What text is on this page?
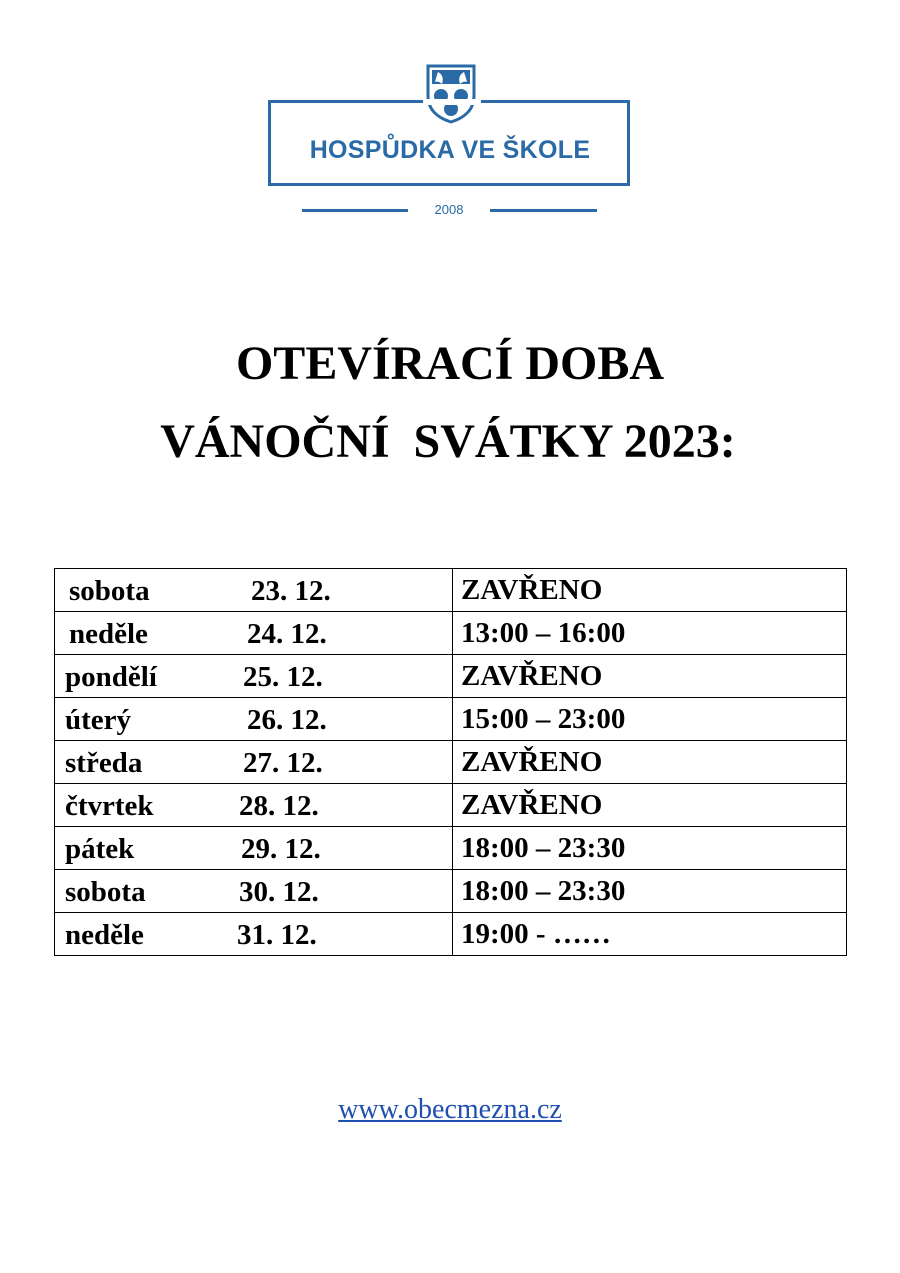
HOSPŮDKA VE ŠKOLE
2008
OTEVÍRACÍ DOBA
VÁNOČNÍ  SVÁTKY 2023:
sobota 23. 12.	ZAVŘENO

neděle 24. 12.	13:00 – 16:00

pondělí 25. 12.	ZAVŘENO

úterý 26. 12.	15:00 – 23:00

středa 27. 12.	ZAVŘENO

čtvrtek 28. 12.	ZAVŘENO

pátek 29. 12.	18:00 – 23:30

sobota 30. 12.	18:00 – 23:30

neděle 31. 12.	19:00 - ……
www.obecmezna.cz
